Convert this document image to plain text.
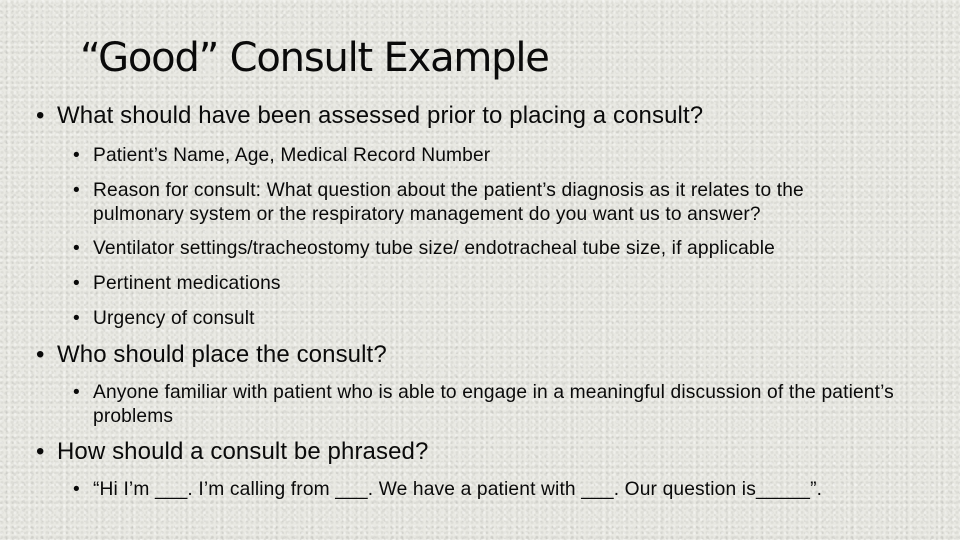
“Good” Consult Example
• What should have been assessed prior to placing a consult?
• Patient’s Name, Age, Medical Record Number
• Reason for consult: What question about the patient’s diagnosis as it relates to the pulmonary system or the respiratory management do you want us to answer?
• Ventilator settings/tracheostomy tube size/ endotracheal tube size, if applicable
• Pertinent medications
• Urgency of consult
• Who should place the consult?
• Anyone familiar with patient who is able to engage in a meaningful discussion of the patient’s problems
• How should a consult be phrased?
• “Hi I’m ___. I’m calling from ___. We have a patient with ___. Our question is_____”.
